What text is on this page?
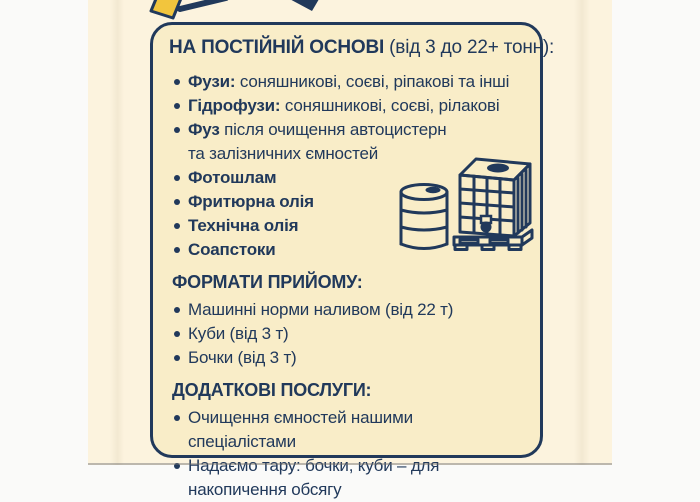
НА ПОСТІЙНІЙ ОСНОВІ (від 3 до 22+ тонн):
Фузи: соняшникові, соєві, ріпакові та інші
Гідрофузи: соняшникові, соєві, рілакові
Фуз після очищення автоцистерн
та залізничних ємностей
Фотошлам
Фритюрна олія
Технічна олія
Соапстоки
ФОРМАТИ ПРИЙОМУ:
Машинні норми наливом (від 22 т)
Куби (від 3 т)
Бочки (від 3 т)
ДОДАТКОВІ ПОСЛУГИ:
Очищення ємностей нашими спеціалістами
Надаємо тару: бочки, куби – для
накопичення обсягу
